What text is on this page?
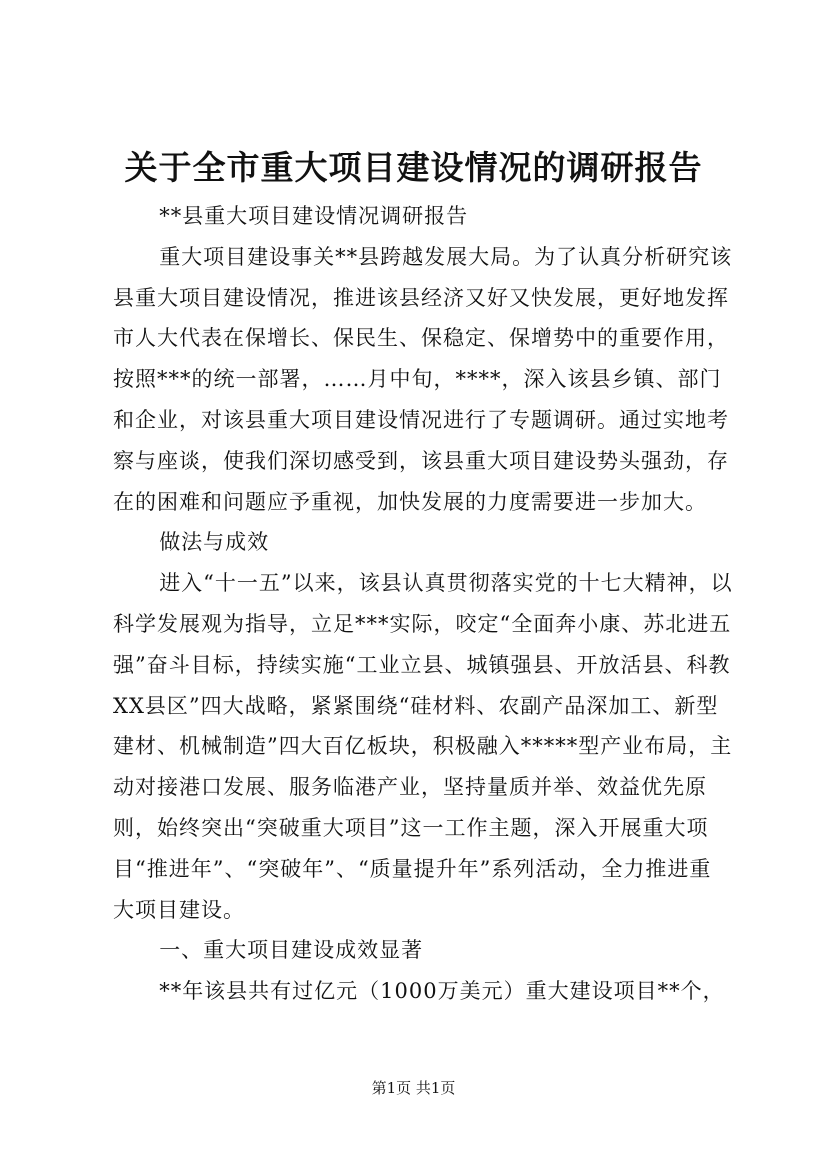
关于全市重大项目建设情况的调研报告

**县重大项目建设情况调研报告

重大项目建设事关**县跨越发展大局。为了认真分析研究该县重大项目建设情况，推进该县经济又好又快发展，更好地发挥市人大代表在保增长、保民生、保稳定、保增势中的重要作用，按照***的统一部署，……月中旬，****，深入该县乡镇、部门和企业，对该县重大项目建设情况进行了专题调研。通过实地考察与座谈，使我们深切感受到，该县重大项目建设势头强劲，存在的困难和问题应予重视，加快发展的力度需要进一步加大。

做法与成效

进入“十一五”以来，该县认真贯彻落实党的十七大精神，以科学发展观为指导，立足***实际，咬定“全面奔小康、苏北进五强”奋斗目标，持续实施“工业立县、城镇强县、开放活县、科教XX县区”四大战略，紧紧围绕“硅材料、农副产品深加工、新型建材、机械制造”四大百亿板块，积极融入*****型产业布局，主动对接港口发展、服务临港产业，坚持量质并举、效益优先原则，始终突出“突破重大项目”这一工作主题，深入开展重大项目“推进年”、“突破年”、“质量提升年”系列活动，全力推进重大项目建设。

一、重大项目建设成效显著

**年该县共有过亿元（1000万美元）重大建设项目**个，

第1页 共1页
